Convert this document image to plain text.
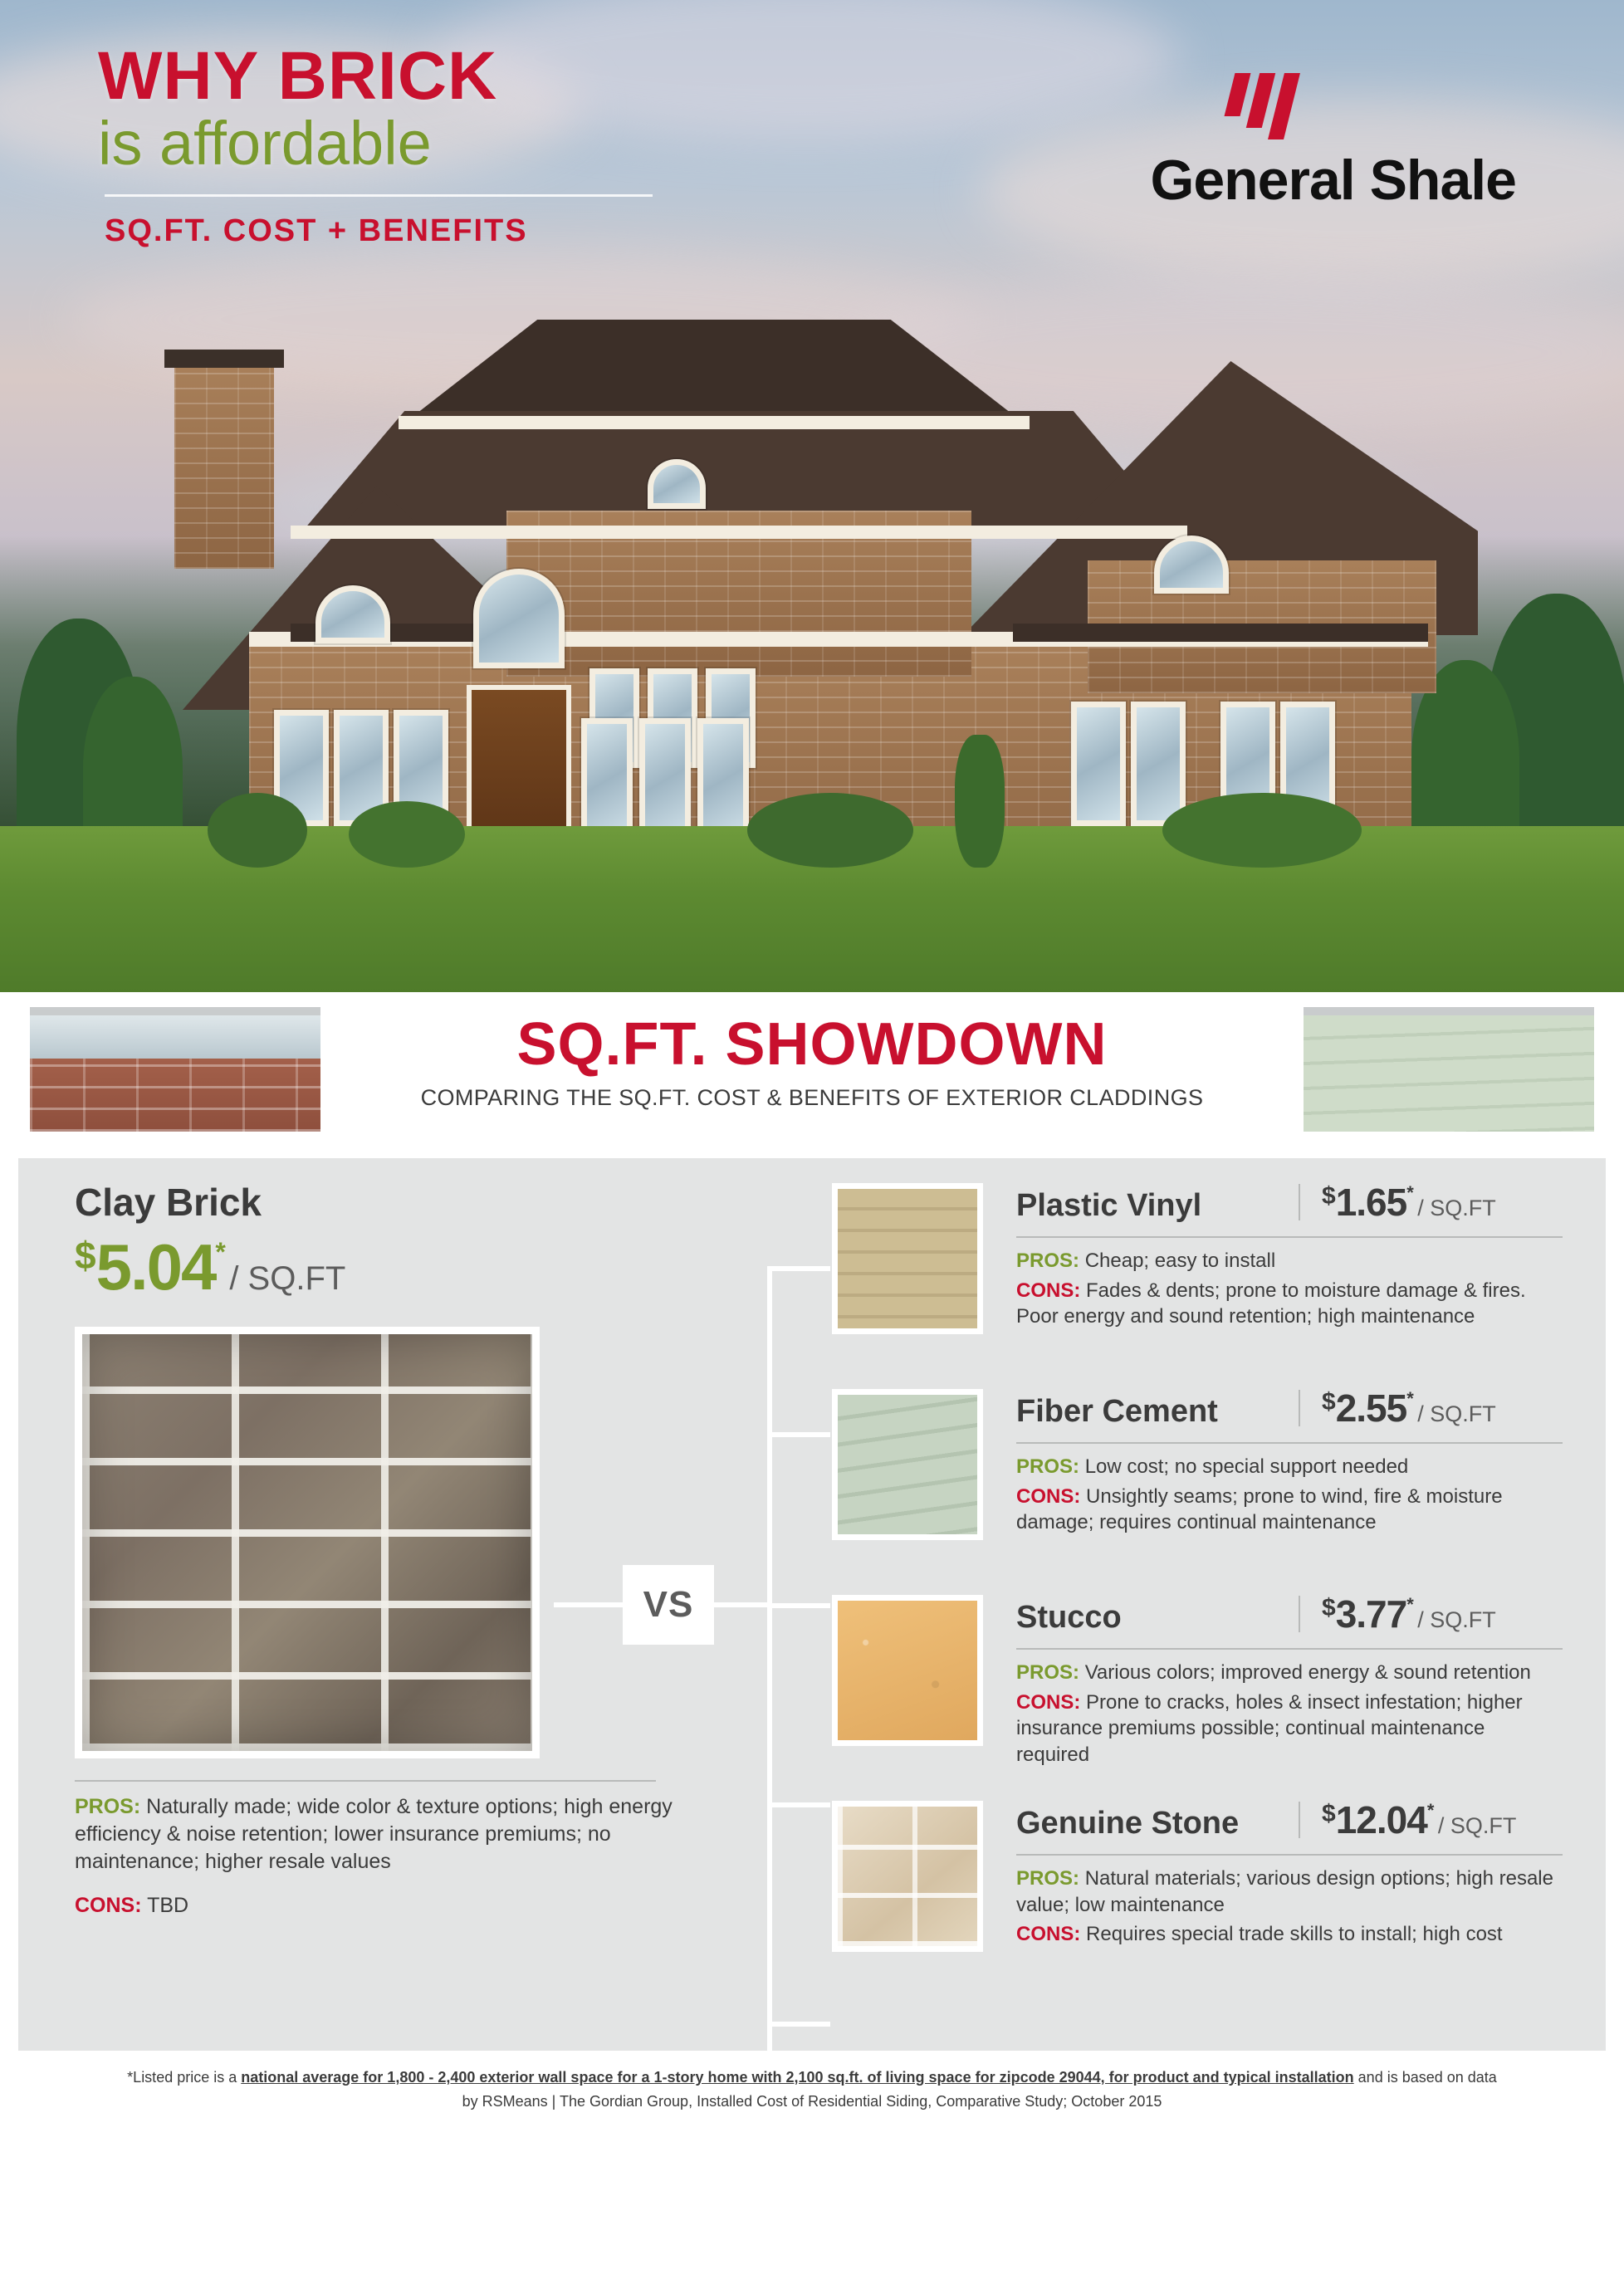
WHY BRICK
is affordable
SQ.FT. COST + BENEFITS
General Shale
SQ.FT. SHOWDOWN
COMPARING THE SQ.FT. COST & BENEFITS OF EXTERIOR CLADDINGS
Clay Brick
$5.04* / SQ.FT

PROS: Naturally made; wide color & texture options; high energy efficiency & noise retention; lower insurance premiums; no maintenance; higher resale values

CONS: TBD
VS
Plastic Vinyl	$1.65* / SQ.FT

PROS: Cheap; easy to install

CONS: Fades & dents; prone to moisture damage & fires. Poor energy and sound retention; high maintenance

Fiber Cement	$2.55* / SQ.FT

PROS: Low cost; no special support needed

CONS: Unsightly seams; prone to wind, fire & moisture damage; requires continual maintenance

Stucco	$3.77* / SQ.FT

PROS: Various colors; improved energy & sound retention

CONS: Prone to cracks, holes & insect infestation; higher insurance premiums possible; continual maintenance required

Genuine Stone	$12.04* / SQ.FT

PROS: Natural materials; various design options; high resale value; low maintenance

CONS: Requires special trade skills to install; high cost

*Listed price is a national average for 1,800 - 2,400 exterior wall space for a 1-story home with 2,100 sq.ft. of living space for zipcode 29044, for product and typical installation and is based on data
by RSMeans | The Gordian Group, Installed Cost of Residential Siding, Comparative Study; October 2015
